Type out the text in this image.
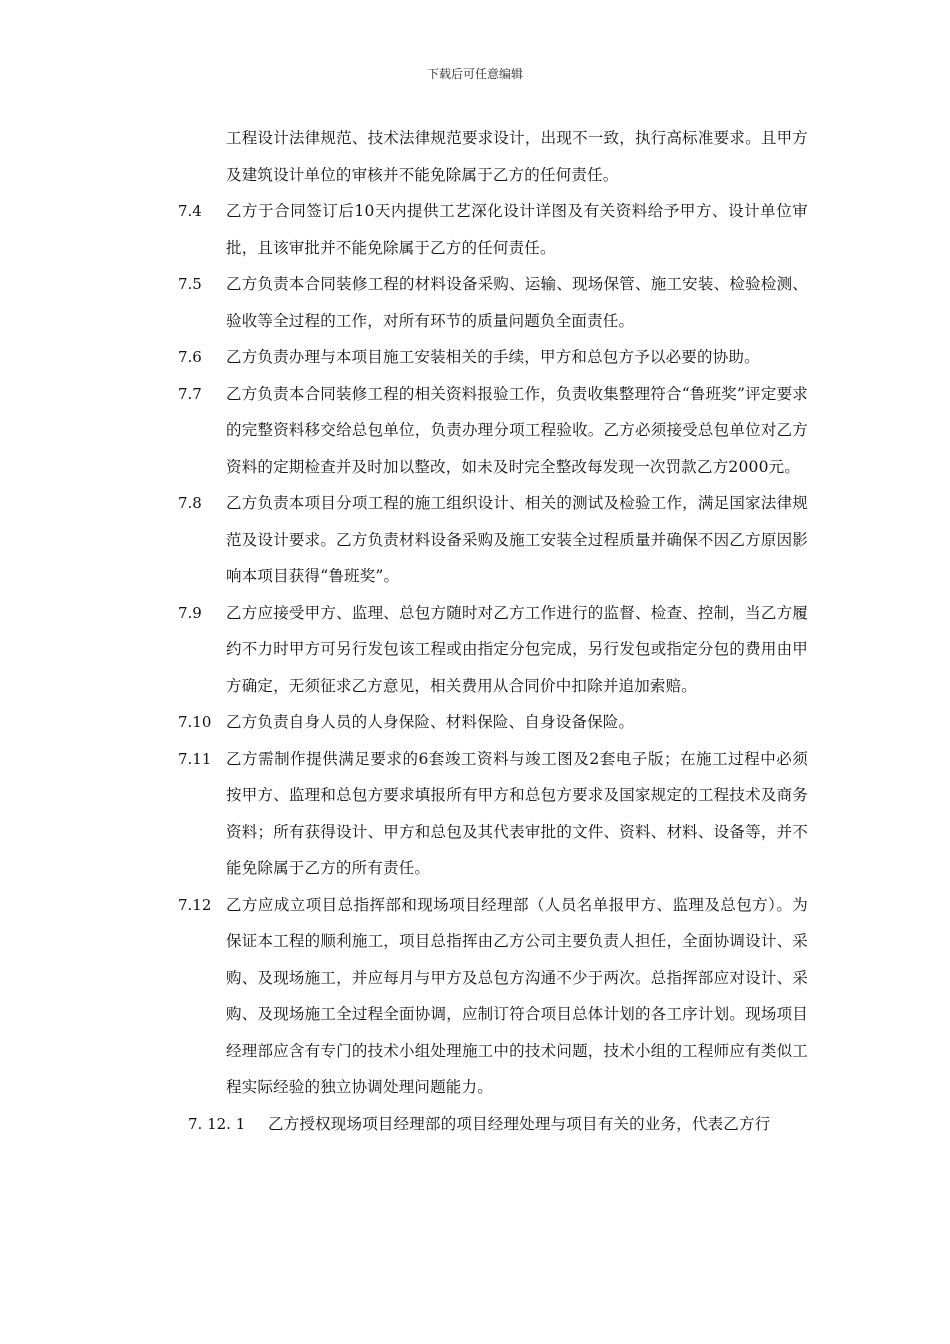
下载后可任意编辑
工程设计法律规范、技术法律规范要求设计，出现不一致，执行高标准要求。且甲方及建筑设计单位的审核并不能免除属于乙方的任何责任。
7.4 乙方于合同签订后10天内提供工艺深化设计详图及有关资料给予甲方、设计单位审批，且该审批并不能免除属于乙方的任何责任。
7.5 乙方负责本合同装修工程的材料设备采购、运输、现场保管、施工安装、检验检测、验收等全过程的工作，对所有环节的质量问题负全面责任。
7.6 乙方负责办理与本项目施工安装相关的手续，甲方和总包方予以必要的协助。
7.7 乙方负责本合同装修工程的相关资料报验工作，负责收集整理符合“鲁班奖”评定要求的完整资料移交给总包单位，负责办理分项工程验收。乙方必须接受总包单位对乙方资料的定期检查并及时加以整改，如未及时完全整改每发现一次罚款乙方2000元。
7.8 乙方负责本项目分项工程的施工组织设计、相关的测试及检验工作，满足国家法律规范及设计要求。乙方负责材料设备采购及施工安装全过程质量并确保不因乙方原因影响本项目获得“鲁班奖”。
7.9 乙方应接受甲方、监理、总包方随时对乙方工作进行的监督、检查、控制，当乙方履约不力时甲方可另行发包该工程或由指定分包完成，另行发包或指定分包的费用由甲方确定，无须征求乙方意见，相关费用从合同价中扣除并追加索赔。
7.10 乙方负责自身人员的人身保险、材料保险、自身设备保险。
7.11 乙方需制作提供满足要求的6套竣工资料与竣工图及2套电子版；在施工过程中必须按甲方、监理和总包方要求填报所有甲方和总包方要求及国家规定的工程技术及商务资料；所有获得设计、甲方和总包及其代表审批的文件、资料、材料、设备等，并不能免除属于乙方的所有责任。
7.12 乙方应成立项目总指挥部和现场项目经理部（人员名单报甲方、监理及总包方）。为保证本工程的顺利施工，项目总指挥由乙方公司主要负责人担任，全面协调设计、采购、及现场施工，并应每月与甲方及总包方沟通不少于两次。总指挥部应对设计、采购、及现场施工全过程全面协调，应制订符合项目总体计划的各工序计划。现场项目经理部应含有专门的技术小组处理施工中的技术问题，技术小组的工程师应有类似工程实际经验的独立协调处理问题能力。
7. 12. 1 乙方授权现场项目经理部的项目经理处理与项目有关的业务，代表乙方行
